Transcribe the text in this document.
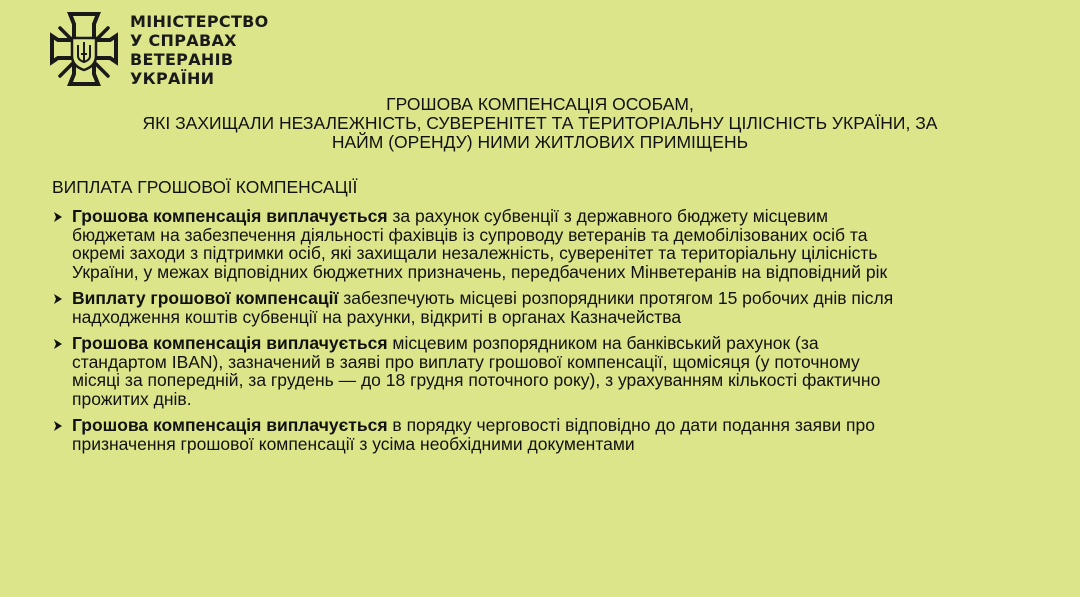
МІНІСТЕРСТВО
У СПРАВАХ
ВЕТЕРАНІВ
УКРАЇНИ
ГРОШОВА КОМПЕНСАЦІЯ ОСОБАМ,
ЯКІ ЗАХИЩАЛИ НЕЗАЛЕЖНІСТЬ, СУВЕРЕНІТЕТ ТА ТЕРИТОРІАЛЬНУ ЦІЛІСНІСТЬ УКРАЇНИ, ЗА
НАЙМ (ОРЕНДУ) НИМИ ЖИТЛОВИХ ПРИМІЩЕНЬ
ВИПЛАТА ГРОШОВОЇ КОМПЕНСАЦІЇ
Грошова компенсація виплачується за рахунок субвенції з державного бюджету місцевим
бюджетам на забезпечення діяльності фахівців із супроводу ветеранів та демобілізованих осіб та
окремі заходи з підтримки осіб, які захищали незалежність, суверенітет та територіальну цілісність
України, у межах відповідних бюджетних призначень, передбачених Мінветеранів на відповідний рік
Виплату грошової компенсації забезпечують місцеві розпорядники протягом 15 робочих днів після
надходження коштів субвенції на рахунки, відкриті в органах Казначейства
Грошова компенсація виплачується місцевим розпорядником на банківський рахунок (за
стандартом IBAN), зазначений в заяві про виплату грошової компенсації, щомісяця (у поточному
місяці за попередній, за грудень — до 18 грудня поточного року), з урахуванням кількості фактично
прожитих днів.
Грошова компенсація виплачується в порядку черговості відповідно до дати подання заяви про
призначення грошової компенсації з усіма необхідними документами
